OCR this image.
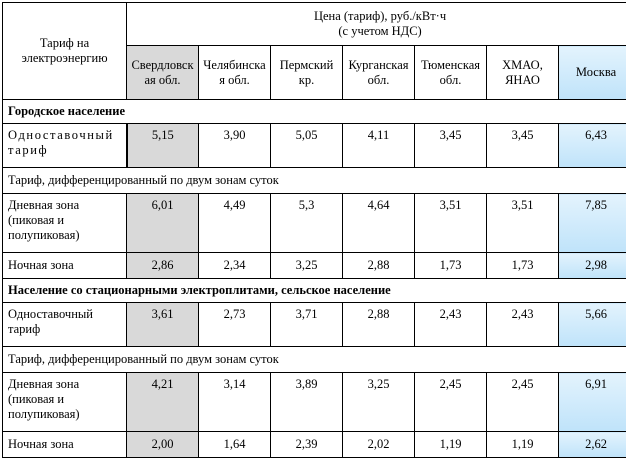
Тариф на электроэнергию	Цена (тариф), руб./кВт·ч
(с учетом НДС)						

	Свердловская обл.	Челябинская обл.	Пермский кр.	Курганская обл.	Тюменская обл.	ХМАО, ЯНАО	Москва
Городское население							
Одноставочный тариф	5,15	3,90	5,05	4,11	3,45	3,45	6,43
Тариф, дифференцированный по двум зонам суток							
Дневная зона (пиковая и полупиковая)	6,01	4,49	5,3	4,64	3,51	3,51	7,85
Ночная зона	2,86	2,34	3,25	2,88	1,73	1,73	2,98
Население со стационарными электроплитами, сельское население							
Одноставочный тариф	3,61	2,73	3,71	2,88	2,43	2,43	5,66
Тариф, дифференцированный по двум зонам суток							
Дневная зона (пиковая и полупиковая)	4,21	3,14	3,89	3,25	2,45	2,45	6,91
Ночная зона	2,00	1,64	2,39	2,02	1,19	1,19	2,62
